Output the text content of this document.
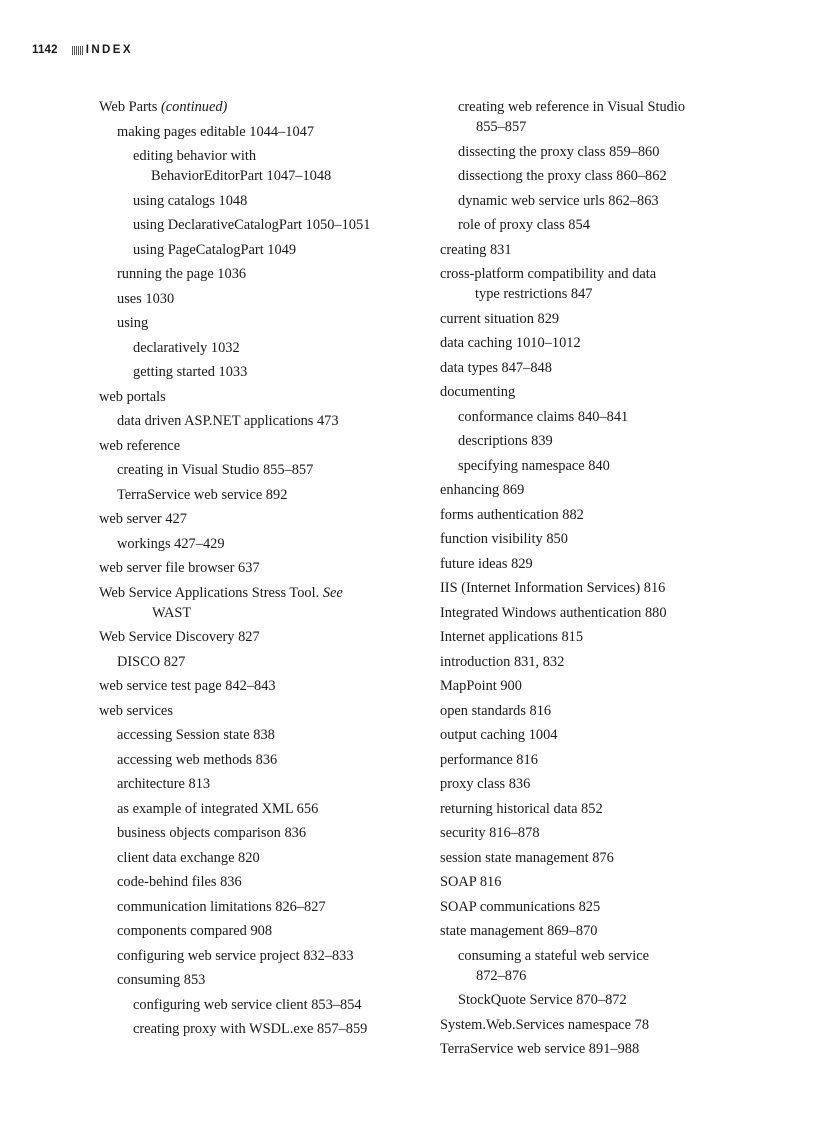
1142 INDEX
Web Parts (continued)
making pages editable 1044–1047
editing behavior with
BehaviorEditorPart 1047–1048
using catalogs 1048
using DeclarativeCatalogPart 1050–1051
using PageCatalogPart 1049
running the page 1036
uses 1030
using
declaratively 1032
getting started 1033
web portals
data driven ASP.NET applications 473
web reference
creating in Visual Studio 855–857
TerraService web service 892
web server 427
workings 427–429
web server file browser 637
Web Service Applications Stress Tool. See
WAST
Web Service Discovery 827
DISCO 827
web service test page 842–843
web services
accessing Session state 838
accessing web methods 836
architecture 813
as example of integrated XML 656
business objects comparison 836
client data exchange 820
code-behind files 836
communication limitations 826–827
components compared 908
configuring web service project 832–833
consuming 853
configuring web service client 853–854
creating proxy with WSDL.exe 857–859
creating web reference in Visual Studio
855–857
dissecting the proxy class 859–860
dissectiong the proxy class 860–862
dynamic web service urls 862–863
role of proxy class 854
creating 831
cross-platform compatibility and data
type restrictions 847
current situation 829
data caching 1010–1012
data types 847–848
documenting
conformance claims 840–841
descriptions 839
specifying namespace 840
enhancing 869
forms authentication 882
function visibility 850
future ideas 829
IIS (Internet Information Services) 816
Integrated Windows authentication 880
Internet applications 815
introduction 831, 832
MapPoint 900
open standards 816
output caching 1004
performance 816
proxy class 836
returning historical data 852
security 816–878
session state management 876
SOAP 816
SOAP communications 825
state management 869–870
consuming a stateful web service
872–876
StockQuote Service 870–872
System.Web.Services namespace 78
TerraService web service 891–988
